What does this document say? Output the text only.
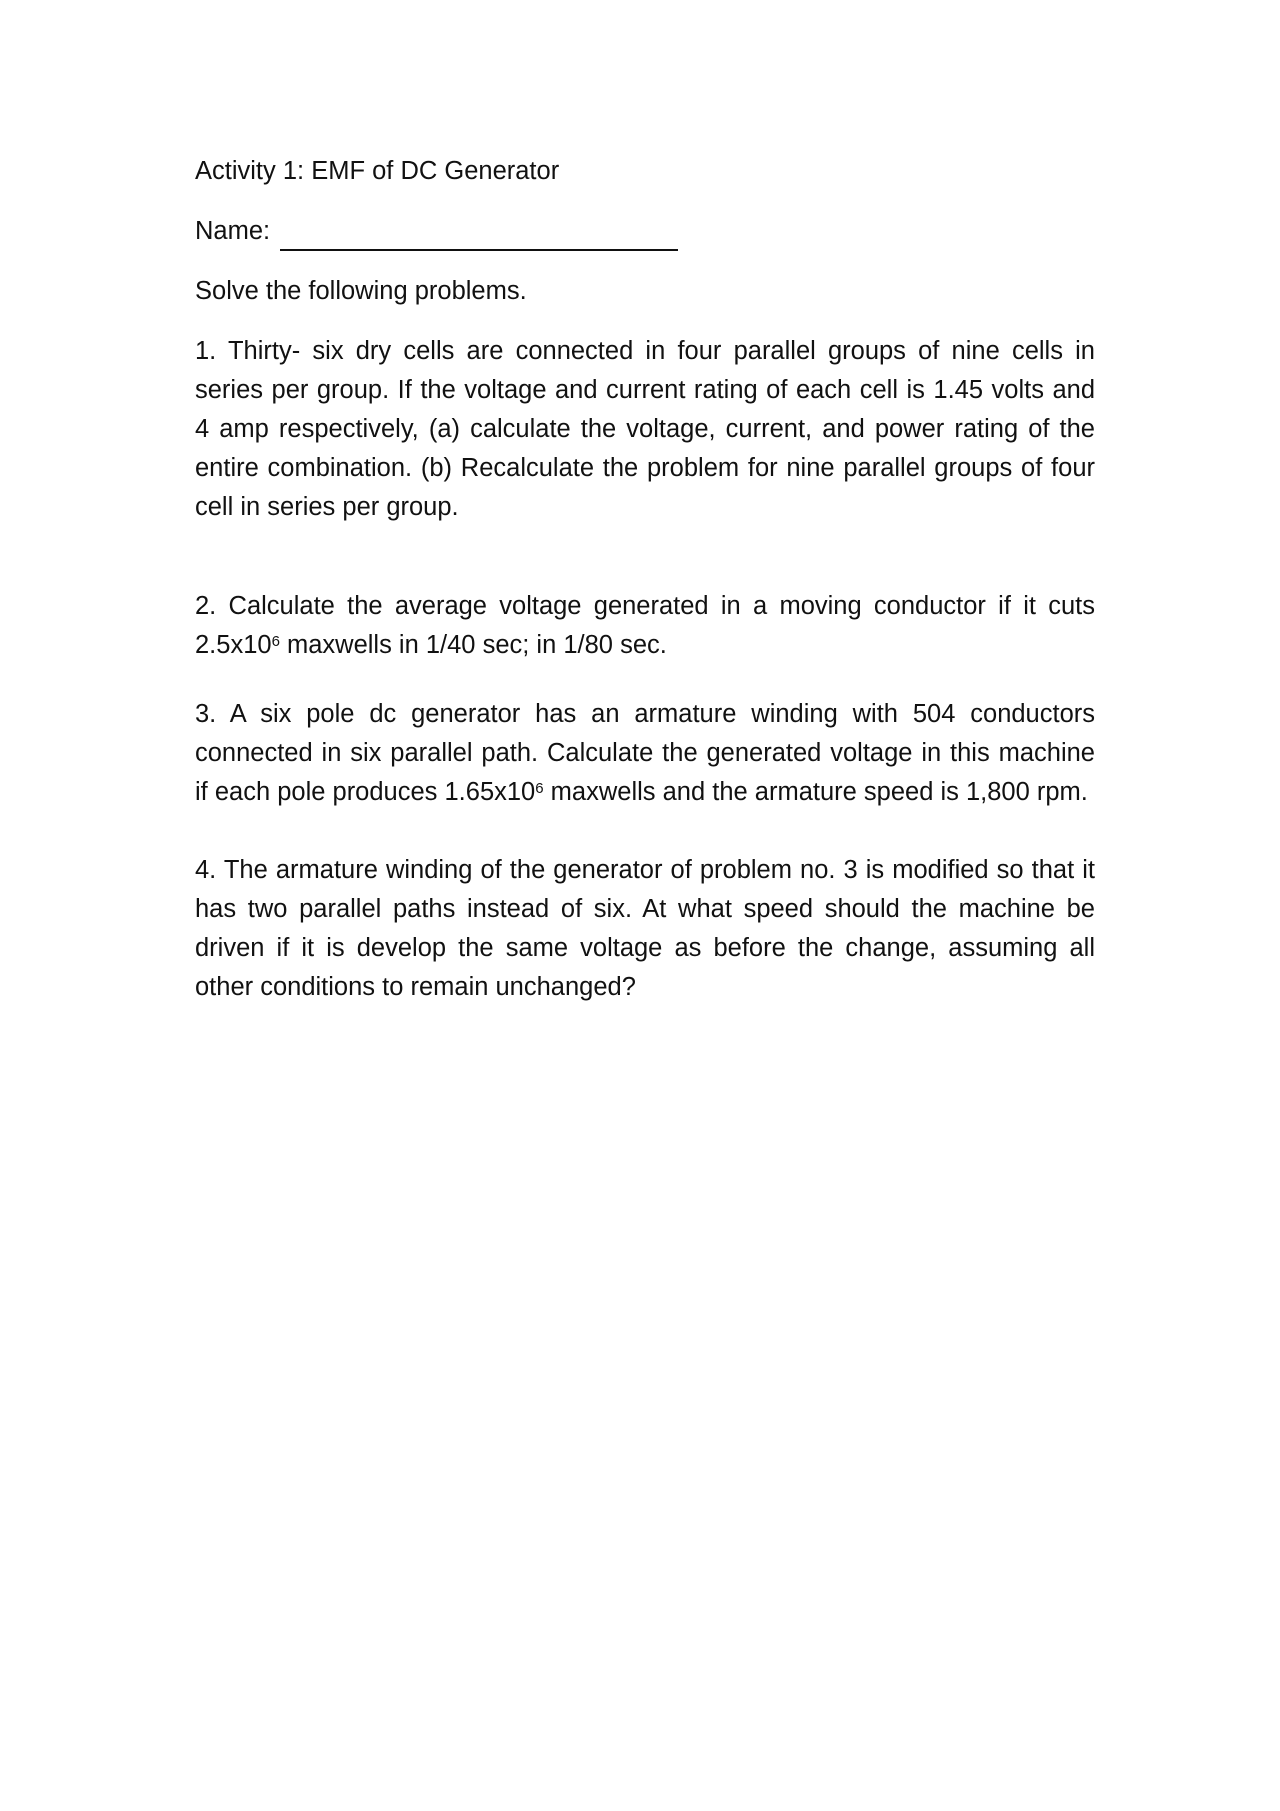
Activity 1: EMF of DC Generator
Name:
Solve the following problems.

1. Thirty- six dry cells are connected in four parallel groups of nine cells in series per group. If the voltage and current rating of each cell is 1.45 volts and 4 amp respectively, (a) calculate the voltage, current, and power rating of the entire combination. (b) Recalculate the problem for nine parallel groups of four cell in series per group.

2. Calculate the average voltage generated in a moving conductor if it cuts $2.5x10^6$ maxwells in 1/40 sec; in 1/80 sec.

3. A six pole dc generator has an armature winding with 504 conductors connected in six parallel path. Calculate the generated voltage in this machine if each pole produces $1.65x10^6$ maxwells and the armature speed is 1,800 rpm.

4. The armature winding of the generator of problem no. 3 is modified so that it has two parallel paths instead of six. At what speed should the machine be driven if it is develop the same voltage as before the change, assuming all other conditions to remain unchanged?
